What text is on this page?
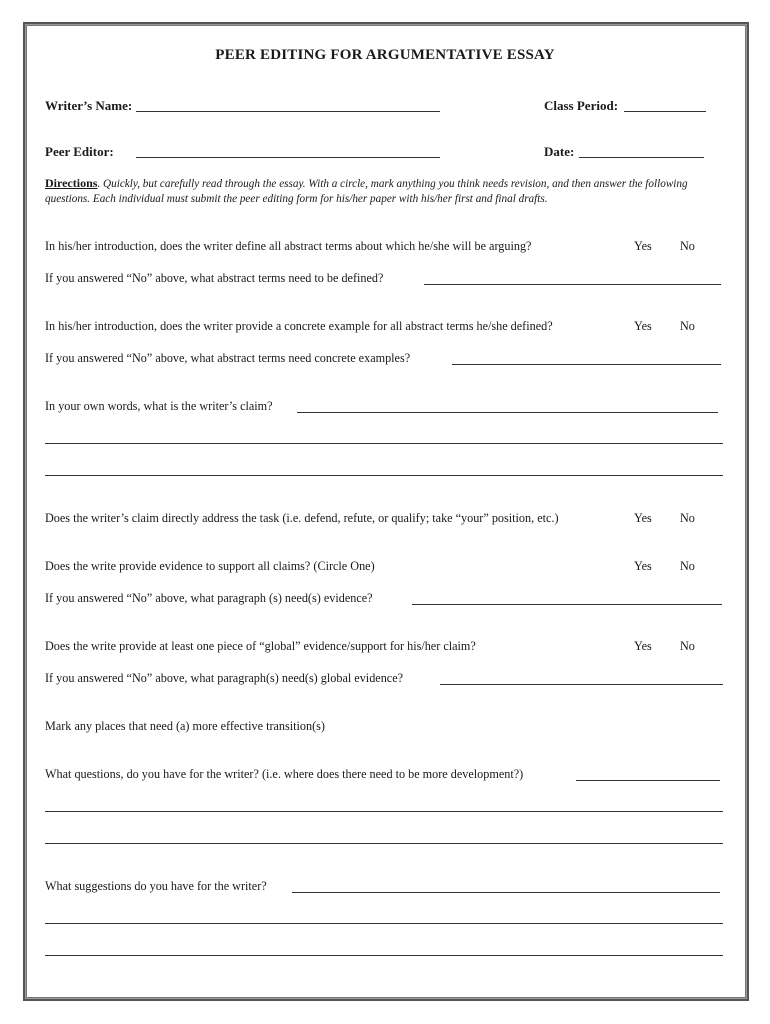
PEER EDITING FOR ARGUMENTATIVE ESSAY
Writer’s Name:	Class Period:
Peer Editor:	Date:
Directions. Quickly, but carefully read through the essay. With a circle, mark anything you think needs revision, and then answer the following questions. Each individual must submit the peer editing form for his/her paper with his/her first and final drafts.
In his/her introduction, does the writer define all abstract terms about which he/she will be arguing?	Yes No
If you answered “No” above, what abstract terms need to be defined?
In his/her introduction, does the writer provide a concrete example for all abstract terms he/she defined?	Yes No
If you answered “No” above, what abstract terms need concrete examples?
In your own words, what is the writer’s claim?
Does the writer’s claim directly address the task (i.e. defend, refute, or qualify; take “your” position, etc.)	Yes No
Does the write provide evidence to support all claims? (Circle One)	Yes No
If you answered “No” above, what paragraph (s) need(s) evidence?
Does the write provide at least one piece of “global” evidence/support for his/her claim?	Yes No
If you answered “No” above, what paragraph(s) need(s) global evidence?
Mark any places that need (a) more effective transition(s)
What questions, do you have for the writer? (i.e. where does there need to be more development?)
What suggestions do you have for the writer?
